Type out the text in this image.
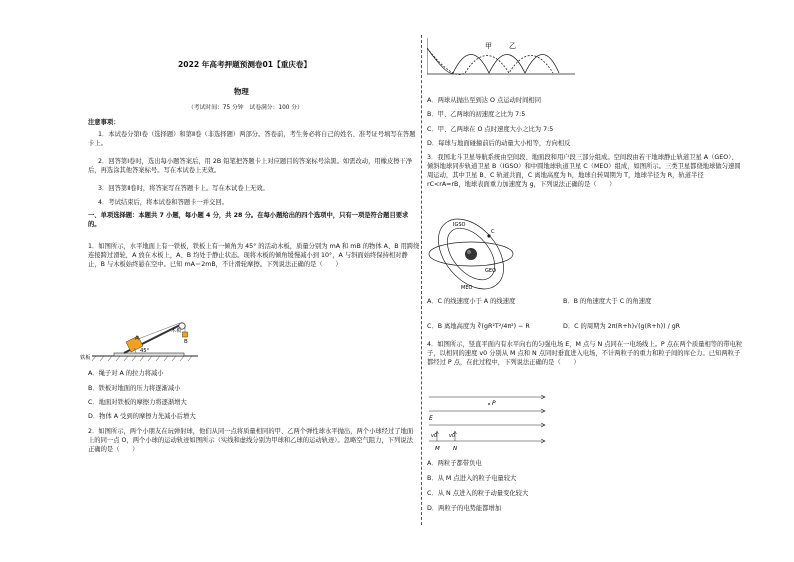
2022 年高考押题预测卷01【重庆卷】
物理
（考试时间：75 分钟　试卷满分：100 分）
注意事项：
1．本试卷分第Ⅰ卷（选择题）和第Ⅱ卷（非选择题）两部分。答卷前，考生务必将自己的姓名、准考证号填写在答题卡上。
2．回答第Ⅰ卷时，选出每小题答案后，用 2B 铅笔把答题卡上对应题目的答案标号涂黑。如需改动，用橡皮擦干净后，再选涂其他答案标号。写在本试卷上无效。
3．回答第Ⅱ卷时，将答案写在答题卡上。写在本试卷上无效。
4．考试结束后，将本试卷和答题卡一并交回。
一、单项选择题：本题共 7 小题，每小题 4 分，共 28 分。在每小题给出的四个选项中，只有一项是符合题目要求的。
1．如图所示，水平地面上有一铁板，铁板上有一倾角为 45° 的活动木板，质量分别为 mA 和 mB 的物体 A、B 用跨绕连接跨过滑轮，A 放在木板上，A、B 均处于静止状态。现将木板的倾角缓慢减小到 10°，A 与斜面始终保持相对静止，B 与木板始终悬在空中。已知 mA＝2mB，不计滑轮摩擦。下列说法正确的是（　　）
A
木板
B
45°
铁板
A．绳子对 A 的拉力将减小
B．铁板对地面的压力将逐渐减小
C．地面对铁板的摩擦力将逐渐增大
D．物体 A 受到的摩擦力先减小后增大
2．如图所示，两个小朋友在玩弹射球，他们从同一点将质量相同的甲、乙两个弹性球水平抛出，两个小球经过了地面上的同一点 O，两个小球的运动轨迹如图所示（实线和虚线分别为甲球和乙球的运动轨迹）。忽略空气阻力，下列说法正确的是（　　）
甲 乙
A．两球从抛出至到达 O 点运动时间相同
B．甲、乙两球的初速度之比为 7:5
C．甲、乙两球在 O 点时速度大小之比为 7:5
D．每球与地面碰撞前后的动量大小相等，方向相反
3．我国北斗卫星导航系统由空间段、地面段和用户段三部分组成。空间段由若干地球静止轨道卫星 A（GEO）、倾斜地球同步轨道卫星 B（IGSO）和中圆地球轨道卫星 C（MEO）组成，如图所示。三类卫星都绕地球做匀速圆周运动，其中卫星 B、C 轨道共面，C 离地高度为 h，地球自转周期为 T，地球半径为 R，轨道半径 rC<rA=rB，地球表面重力加速度为 g，下列说法正确的是（　　）
IGSO
C
GEO
MEO
A．C 的线速度小于 A 的线速度	B．B 的角速度大于 C 的角速度
C．B 离地高度为 ∛(gR²T²/4π²) − R	D．C 的周期为 2π(R+h)√(g(R+h)) / gR
4．如图所示，竖直平面内有水平向右的匀强电场 E，M 点与 N 点同在一电场线上。P 点在两个质量相等的带电粒子，以相同的速度 v0 分别从 M 点和 N 点同时垂直进入电场，不计两粒子的重力和粒子间的库仑力。已知两粒子都经过 P 点，在此过程中，下列说法正确的是（　　）
P
E
v0 v0
M N
A．两粒子都带负电
B．从 M 点进入的粒子电量较大
C．从 N 点进入的粒子动量变化较大
D．两粒子的电势能都增加
